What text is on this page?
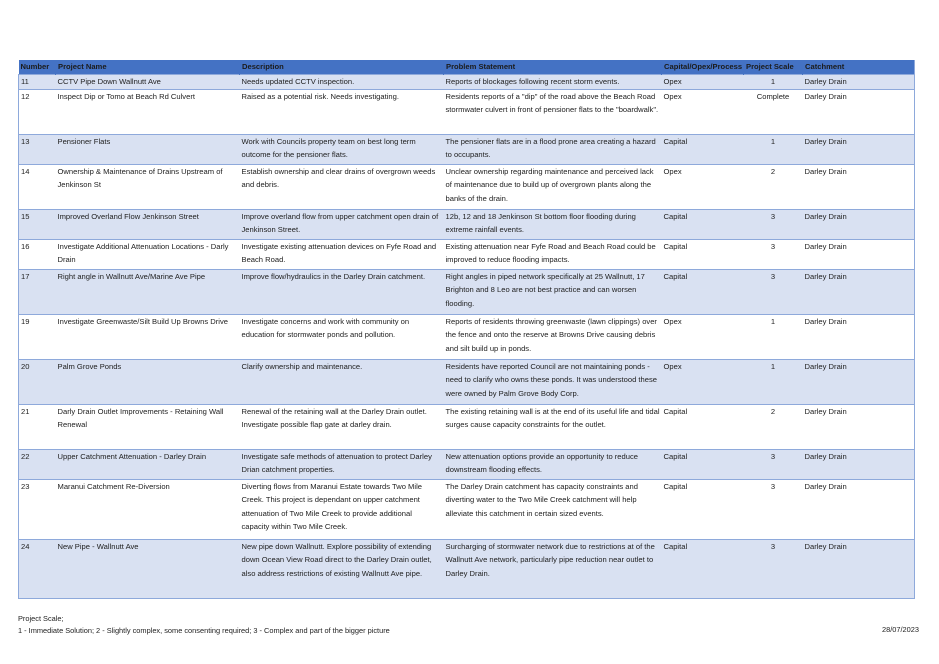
Number	Project Name	Description	Problem Statement	Capital/Opex/Process	Project Scale	Catchment
11	CCTV Pipe Down Wallnutt Ave	Needs updated CCTV inspection.	Reports of blockages following recent storm events.	Opex	1	Darley Drain
12	Inspect Dip or Tomo at Beach Rd Culvert	Raised as a potential risk. Needs investigating.	Residents reports of a "dip" of the road above the Beach Road stormwater culvert in front of pensioner flats to the "boardwalk".	Opex	Complete	Darley Drain
13	Pensioner Flats	Work with Councils property team on best long term outcome for the pensioner flats.	The pensioner flats are in a flood prone area creating a hazard to occupants.	Capital	1	Darley Drain
14	Ownership & Maintenance of Drains Upstream of Jenkinson St	Establish ownership and clear drains of overgrown weeds and debris.	Unclear ownership regarding maintenance and perceived lack of maintenance due to build up of overgrown plants along the banks of the drain.	Opex	2	Darley Drain
15	Improved Overland Flow Jenkinson Street	Improve overland flow from upper catchment open drain of Jenkinson Street.	12b, 12 and 18 Jenkinson St bottom floor flooding during extreme rainfall events.	Capital	3	Darley Drain
16	Investigate Additional Attenuation Locations - Darly Drain	Investigate existing attenuation devices on Fyfe Road and Beach Road.	Existing attenuation near Fyfe Road and Beach Road could be improved to reduce flooding impacts.	Capital	3	Darley Drain
17	Right angle in Wallnutt Ave/Marine Ave Pipe	Improve flow/hydraulics in the Darley Drain catchment.	Right angles in piped network specifically at 25 Wallnutt, 17 Brighton and 8 Leo are not best practice and can worsen flooding.	Capital	3	Darley Drain
19	Investigate Greenwaste/Silt Build Up Browns Drive	Investigate concerns and work with community on education for stormwater ponds and pollution.	Reports of residents throwing greenwaste (lawn clippings) over the fence and onto the reserve at Browns Drive causing debris and silt build up in ponds.	Opex	1	Darley Drain
20	Palm Grove Ponds	Clarify ownership and maintenance.	Residents have reported Council are not maintaining ponds - need to clarify who owns these ponds. It was understood these were owned by Palm Grove Body Corp.	Opex	1	Darley Drain
21	Darly Drain Outlet Improvements - Retaining Wall Renewal	Renewal of the retaining wall at the Darley Drain outlet. Investigate possible flap gate at darley drain.	The existing retaining wall is at the end of its useful life and tidal surges cause capacity constraints for the outlet.	Capital	2	Darley Drain
22	Upper Catchment Attenuation - Darley Drain	Investigate safe methods of attenuation to protect Darley Drian catchment properties.	New attenuation options provide an opportunity to reduce downstream flooding effects.	Capital	3	Darley Drain
23	Maranui Catchment Re-Diversion	Diverting flows from Maranui Estate towards Two Mile Creek. This project is dependant on upper catchment attenuation of Two Mile Creek to provide additional capacity within Two Mile Creek.	The Darley Drain catchment has capacity constraints and diverting water to the Two Mile Creek catchment will help alleviate this catchment in certain sized events.	Capital	3	Darley Drain
24	New Pipe - Wallnutt Ave	New pipe down Wallnutt. Explore possibility of extending down Ocean View Road direct to the Darley Drain outlet, also address restrictions of existing Wallnutt Ave pipe.	Surcharging of stormwater network due to restrictions at of the Wallnutt Ave network, particularly pipe reduction near outlet to Darley Drain.	Capital	3	Darley Drain
Project Scale;
1 - Immediate Solution; 2 - Slightly complex, some consenting required; 3 - Complex and part of the bigger picture	28/07/2023
